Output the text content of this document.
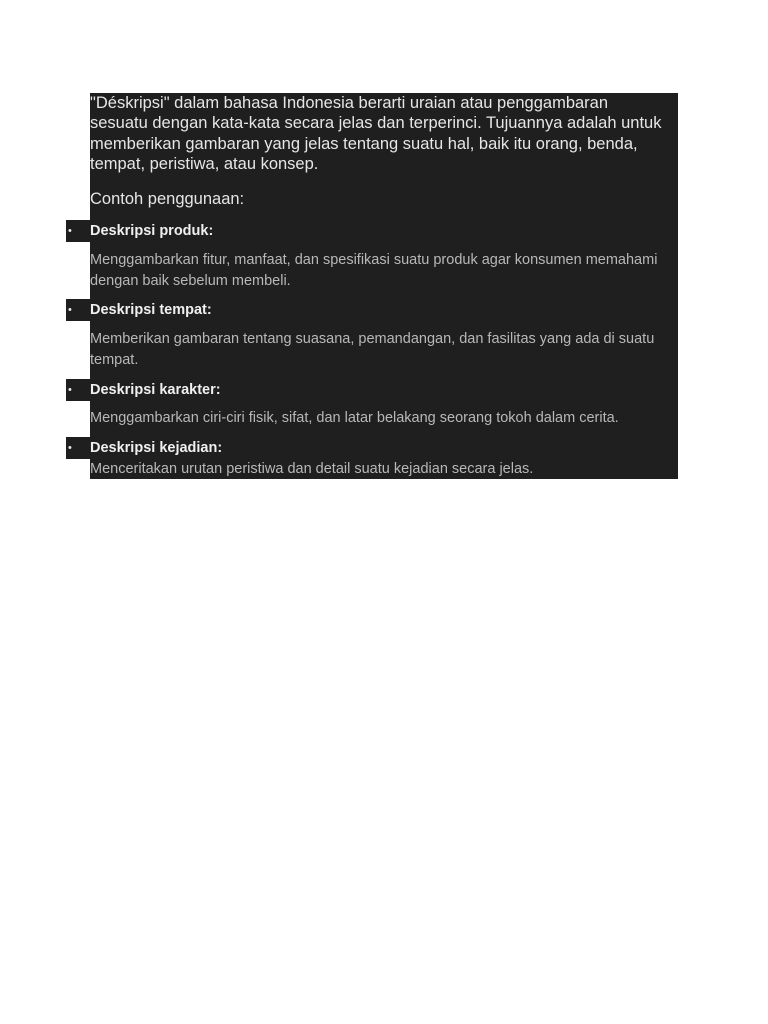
"Déskripsi" dalam bahasa Indonesia berarti uraian atau penggambaran sesuatu dengan kata-kata secara jelas dan terperinci. Tujuannya adalah untuk memberikan gambaran yang jelas tentang suatu hal, baik itu orang, benda, tempat, peristiwa, atau konsep.

Contoh penggunaan:

• Deskripsi produk:

Menggambarkan fitur, manfaat, dan spesifikasi suatu produk agar konsumen memahami dengan baik sebelum membeli.

• Deskripsi tempat:

Memberikan gambaran tentang suasana, pemandangan, dan fasilitas yang ada di suatu tempat.

• Deskripsi karakter:

Menggambarkan ciri-ciri fisik, sifat, dan latar belakang seorang tokoh dalam cerita.

• Deskripsi kejadian:

Menceritakan urutan peristiwa dan detail suatu kejadian secara jelas.
